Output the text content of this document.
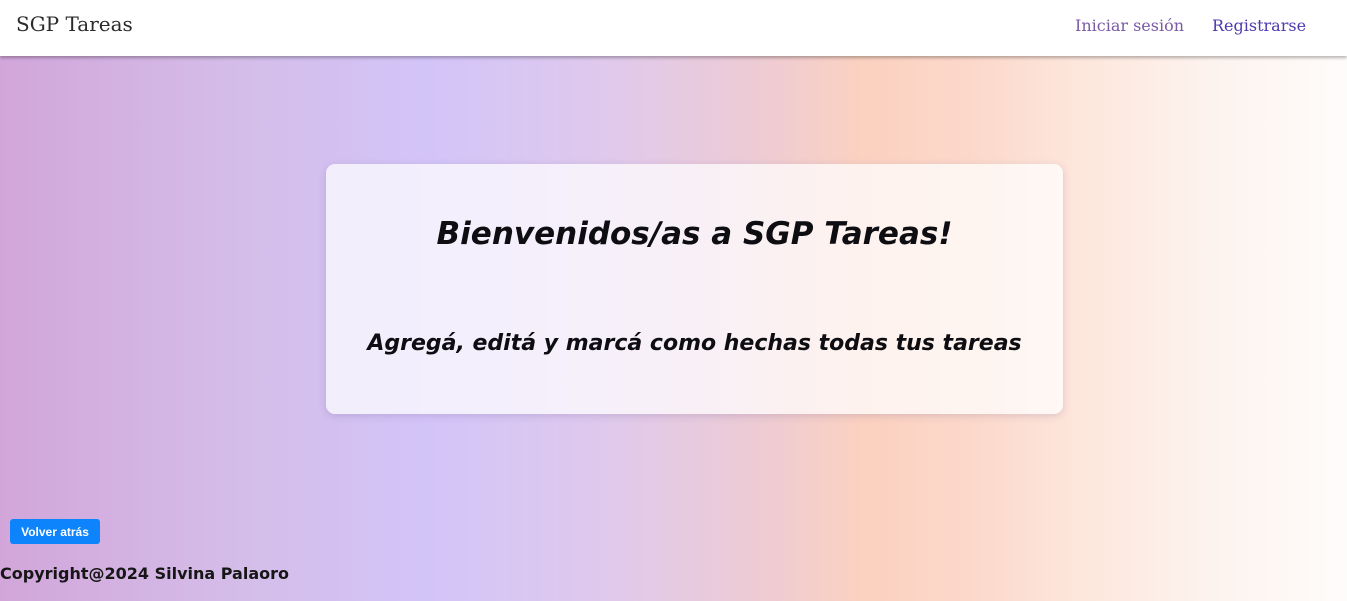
SGP Tareas	Iniciar sesión Registrarse
Bienvenidos/as a SGP Tareas!
Agregá, editá y marcá como hechas todas tus tareas
Volver atrás
Copyright@2024 Silvina Palaoro
